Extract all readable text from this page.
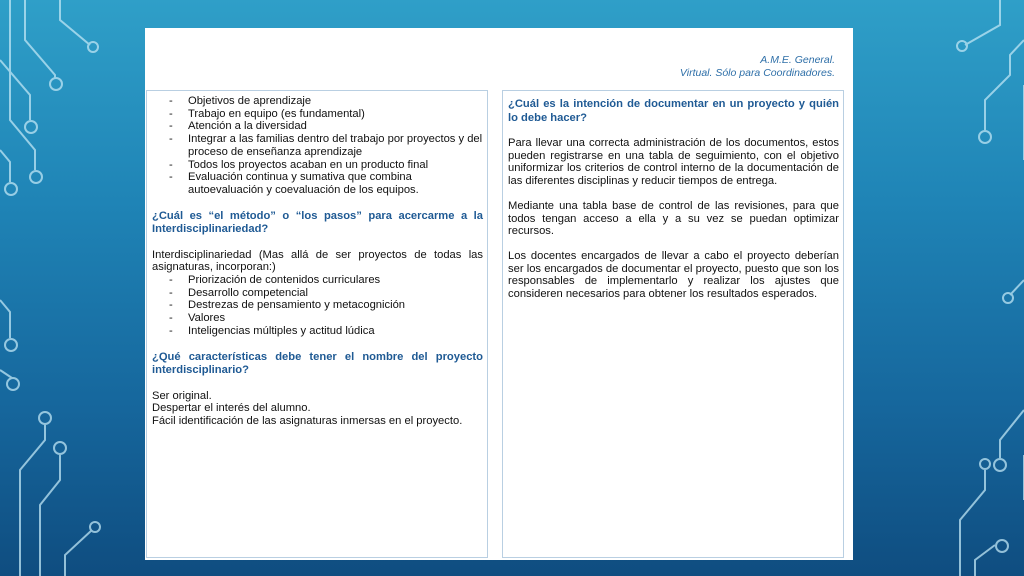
A.M.E. General.
Virtual. Sólo para Coordinadores.
- Objetivos de aprendizaje
- Trabajo en equipo (es fundamental)
- Atención a la diversidad
- Integrar a las familias dentro del trabajo por proyectos y del proceso de enseñanza aprendizaje
- Todos los proyectos acaban en un producto final
- Evaluación continua y sumativa que combina autoevaluación y coevaluación de los equipos.
¿Cuál es “el método” o “los pasos” para acercarme a la Interdisciplinariedad?

Interdisciplinariedad (Mas allá de ser proyectos de todas las asignaturas, incorporan:)

- Priorización de contenidos curriculares
- Desarrollo competencial
- Destrezas de pensamiento y metacognición
- Valores
- Inteligencias múltiples y actitud lúdica
¿Qué características debe tener el nombre del proyecto interdisciplinario?
Ser original.
Despertar el interés del alumno.
Fácil identificación de las asignaturas inmersas en el proyecto.
¿Cuál es la intención de documentar en un proyecto y quién lo debe hacer?

Para llevar una correcta administración de los documentos, estos pueden registrarse en una tabla de seguimiento, con el objetivo uniformizar los criterios de control interno de la documentación de las diferentes disciplinas y reducir tiempos de entrega.

Mediante una tabla base de control de las revisiones, para que todos tengan acceso a ella y a su vez se puedan optimizar recursos.

Los docentes encargados de llevar a cabo el proyecto deberían ser los encargados de documentar el proyecto, puesto que son los responsables de implementarlo y realizar los ajustes que consideren necesarios para obtener los resultados esperados.
